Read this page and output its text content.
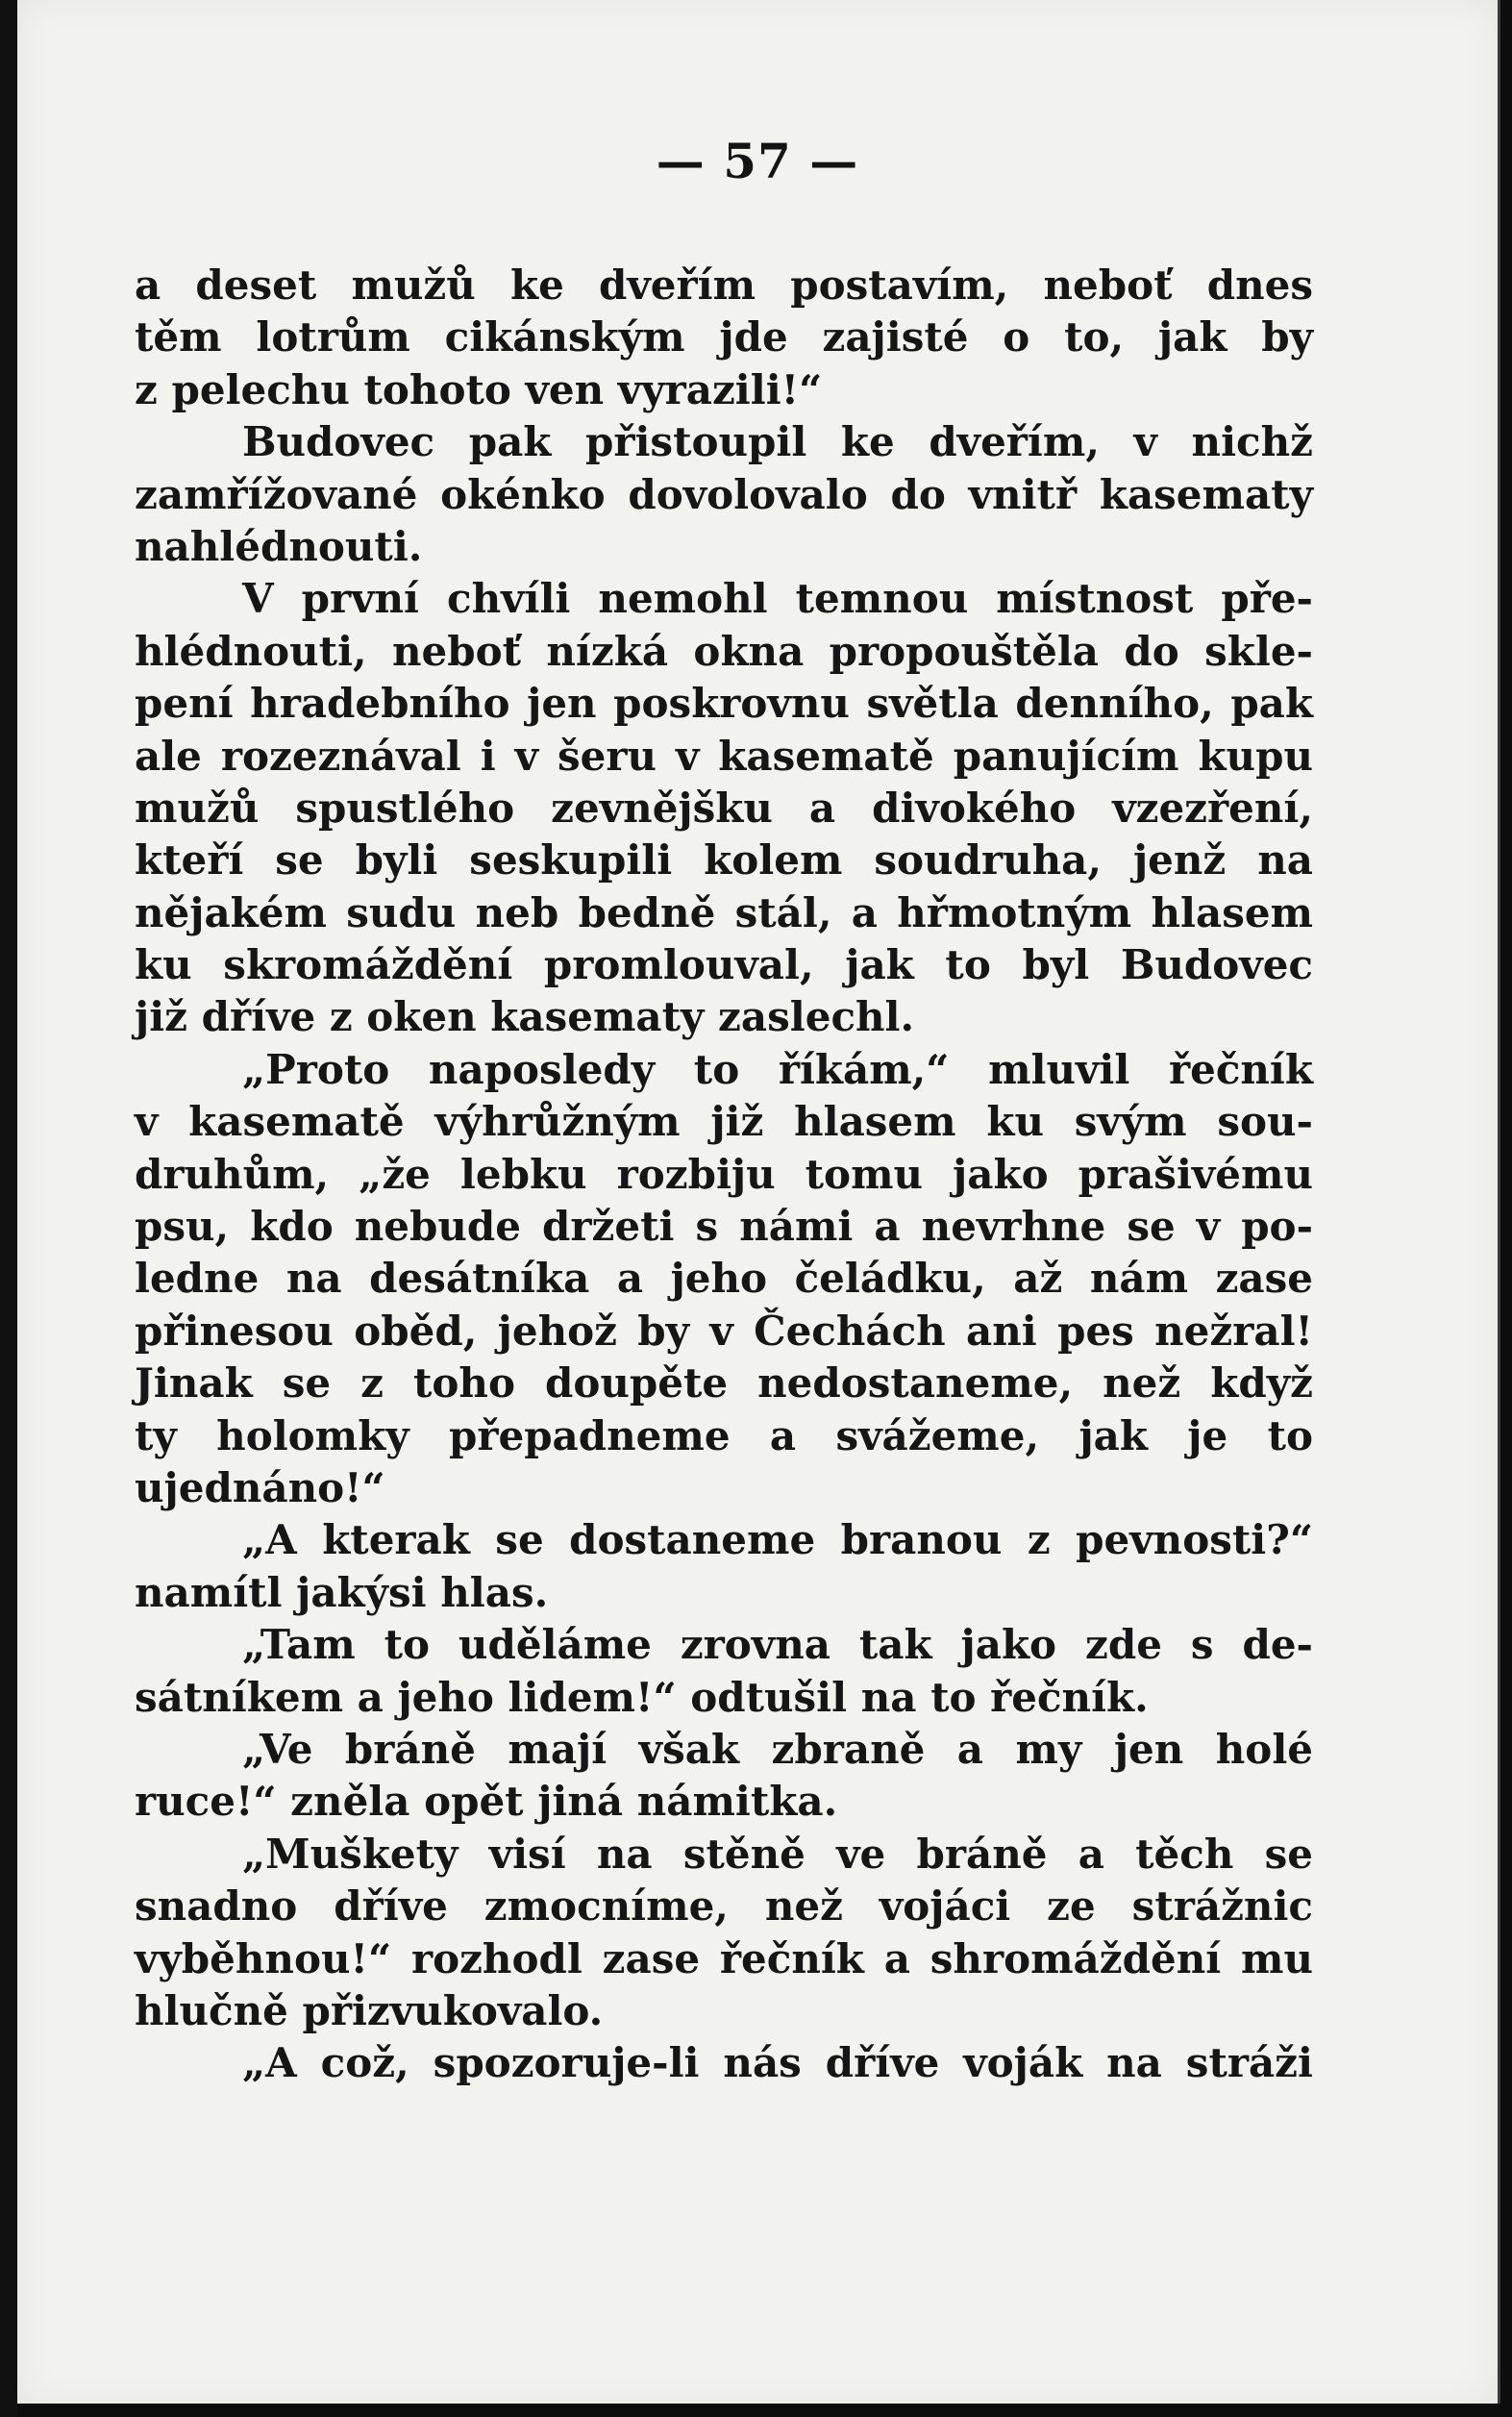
— 57 —
a deset mužů ke dveřím postavím, neboť dnes
těm lotrům cikánským jde zajisté o to, jak by
z pelechu tohoto ven vyrazili!“
Budovec pak přistoupil ke dveřím, v nichž
zamřížované okénko dovolovalo do vnitř kasematy
nahlédnouti.
V první chvíli nemohl temnou místnost pře-
hlédnouti, neboť nízká okna propouštěla do skle-
pení hradebního jen poskrovnu světla denního, pak
ale rozeznával i v šeru v kasematě panujícím kupu
mužů spustlého zevnějšku a divokého vzezření,
kteří se byli seskupili kolem soudruha, jenž na
nějakém sudu neb bedně stál, a hřmotným hlasem
ku skromáždění promlouval, jak to byl Budovec
již dříve z oken kasematy zaslechl.
„Proto naposledy to říkám,“ mluvil řečník
v kasematě výhrůžným již hlasem ku svým sou-
druhům, „že lebku rozbiju tomu jako prašivému
psu, kdo nebude držeti s námi a nevrhne se v po-
ledne na desátníka a jeho čeládku, až nám zase
přinesou oběd, jehož by v Čechách ani pes nežral!
Jinak se z toho doupěte nedostaneme, než když
ty holomky přepadneme a svážeme, jak je to
ujednáno!“
„A kterak se dostaneme branou z pevnosti?“
namítl jakýsi hlas.
„Tam to uděláme zrovna tak jako zde s de-
sátníkem a jeho lidem!“ odtušil na to řečník.
„Ve bráně mají však zbraně a my jen holé
ruce!“ zněla opět jiná námitka.
„Muškety visí na stěně ve bráně a těch se
snadno dříve zmocníme, než vojáci ze strážnic
vyběhnou!“ rozhodl zase řečník a shromáždění mu
hlučně přizvukovalo.
„A což, spozoruje-li nás dříve voják na stráži
